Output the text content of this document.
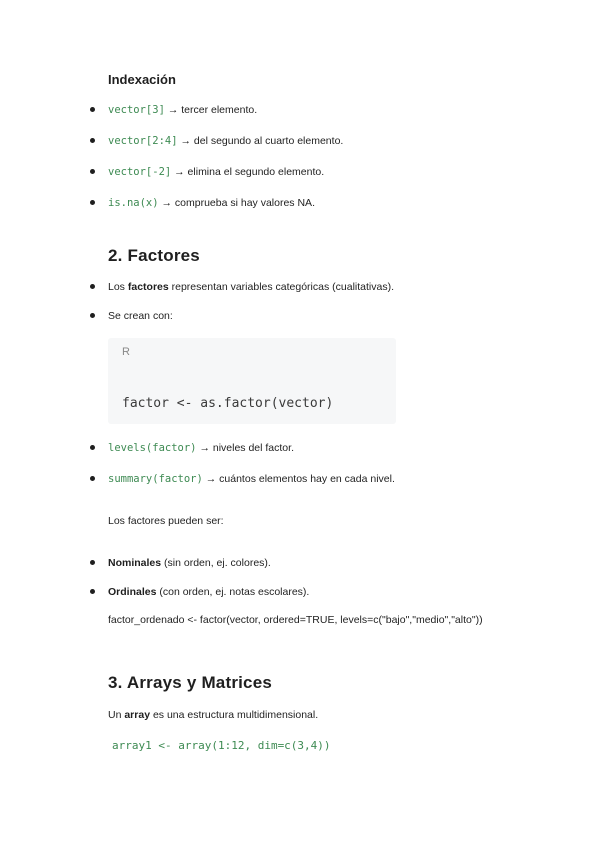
Indexación
vector[3] → tercer elemento.
vector[2:4] → del segundo al cuarto elemento.
vector[-2] → elimina el segundo elemento.
is.na(x) → comprueba si hay valores NA.
2. Factores
Los factores representan variables categóricas (cualitativas).
Se crean con:
R
factor <- as.factor(vector)
levels(factor) → niveles del factor.
summary(factor) → cuántos elementos hay en cada nivel.
Los factores pueden ser:
Nominales (sin orden, ej. colores).
Ordinales (con orden, ej. notas escolares).
factor_ordenado <- factor(vector, ordered=TRUE, levels=c("bajo","medio","alto"))
3. Arrays y Matrices
Un array es una estructura multidimensional.
array1 <- array(1:12, dim=c(3,4))
